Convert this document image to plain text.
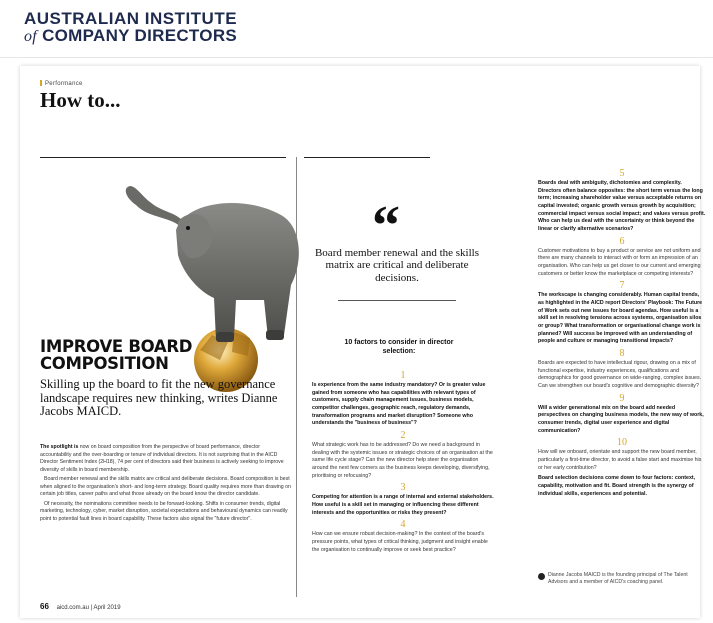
AUSTRALIAN INSTITUTE
of COMPANY DIRECTORS
Performance
How to...
IMPROVE BOARD COMPOSITION
Skilling up the board to fit the new governance landscape requires new thinking, writes Dianne Jacobs MAICD.

The spotlight is now on board composition from the perspective of board performance, director accountability and the over-boarding or tenure of individual directors. It is not surprising that in the AICD Director Sentiment Index (2H18), 74 per cent of directors said their business is actively seeking to improve diversity of skills in board membership.

Board member renewal and the skills matrix are critical and deliberate decisions. Board composition is best when aligned to the organisation's short- and long-term strategy. Board quality requires more than drawing on certain job titles, career paths and what those already on the board know the director candidate.

Of necessity, the nominations committee needs to be forward-looking. Shifts in consumer trends, digital marketing, technology, cyber, market disruption, societal expectations and behavioural dynamics can readily point to potential fault lines in board capability. These factors also signal the "future director".

“
Board member renewal and the skills matrix are critical and deliberate decisions.
10 factors to consider in director selection:
1
Is experience from the same industry mandatory? Or is greater value gained from someone who has capabilities with relevant types of customers, supply chain management issues, business models, competitor challenges, geographic reach, regulatory demands, transformation programs and market disruption? Someone who understands the "business of business"?
2
What strategic work has to be addressed? Do we need a background in dealing with the systemic issues or strategic choices of an organisation at the same life cycle stage? Can the new director help steer the organisation around the next few corners as the business keeps developing, diversifying, prioritising or refocusing?
3
Competing for attention is a range of internal and external stakeholders. How useful is a skill set in managing or influencing these different interests and the opportunities or risks they present?
4
How can we ensure robust decision-making? In the context of the board's pressure points, what types of critical thinking, judgment and insight enable the organisation to continually improve or seek best practice?
5
Boards deal with ambiguity, dichotomies and complexity. Directors often balance opposites: the short term versus the long term; increasing shareholder value versus acceptable returns on capital invested; organic growth versus growth by acquisition; commercial impact versus social impact; and values versus profit. Who can help us deal with the uncertainty or think beyond the linear or clarify alternative scenarios?
6
Customer motivations to buy a product or service are not uniform and there are many channels to interact with or form an impression of an organisation. Who can help us get closer to our current and emerging customers or better know the marketplace or competing interests?
7
The workscape is changing considerably. Human capital trends, as highlighted in the AICD report Directors' Playbook: The Future of Work sets out new issues for board agendas. How useful is a skill set in resolving tensions across systems, organisation silos or group? What transformation or organisational change work is planned? Will success be improved with an understanding of people and culture or managing transitional impacts?
8
Boards are expected to have intellectual rigour, drawing on a mix of functional expertise, industry experiences, qualifications and demographics for good governance on wide-ranging, complex issues. Can we strengthen our board's cognitive and demographic diversity?
9
Will a wider generational mix on the board add needed perspectives on changing business models, the new way of work, consumer trends, digital user experience and digital communication?
10
How will we onboard, orientate and support the new board member, particularly a first-time director, to avoid a false start and maximise his or her early contribution?
Board selection decisions come down to four factors: context, capability, motivation and fit. Board strength is the synergy of individual skills, experiences and potential.
Dianne Jacobs MAICD is the founding principal of The Talent Advisors and a member of AICD's coaching panel.
66 aicd.com.au | April 2019
